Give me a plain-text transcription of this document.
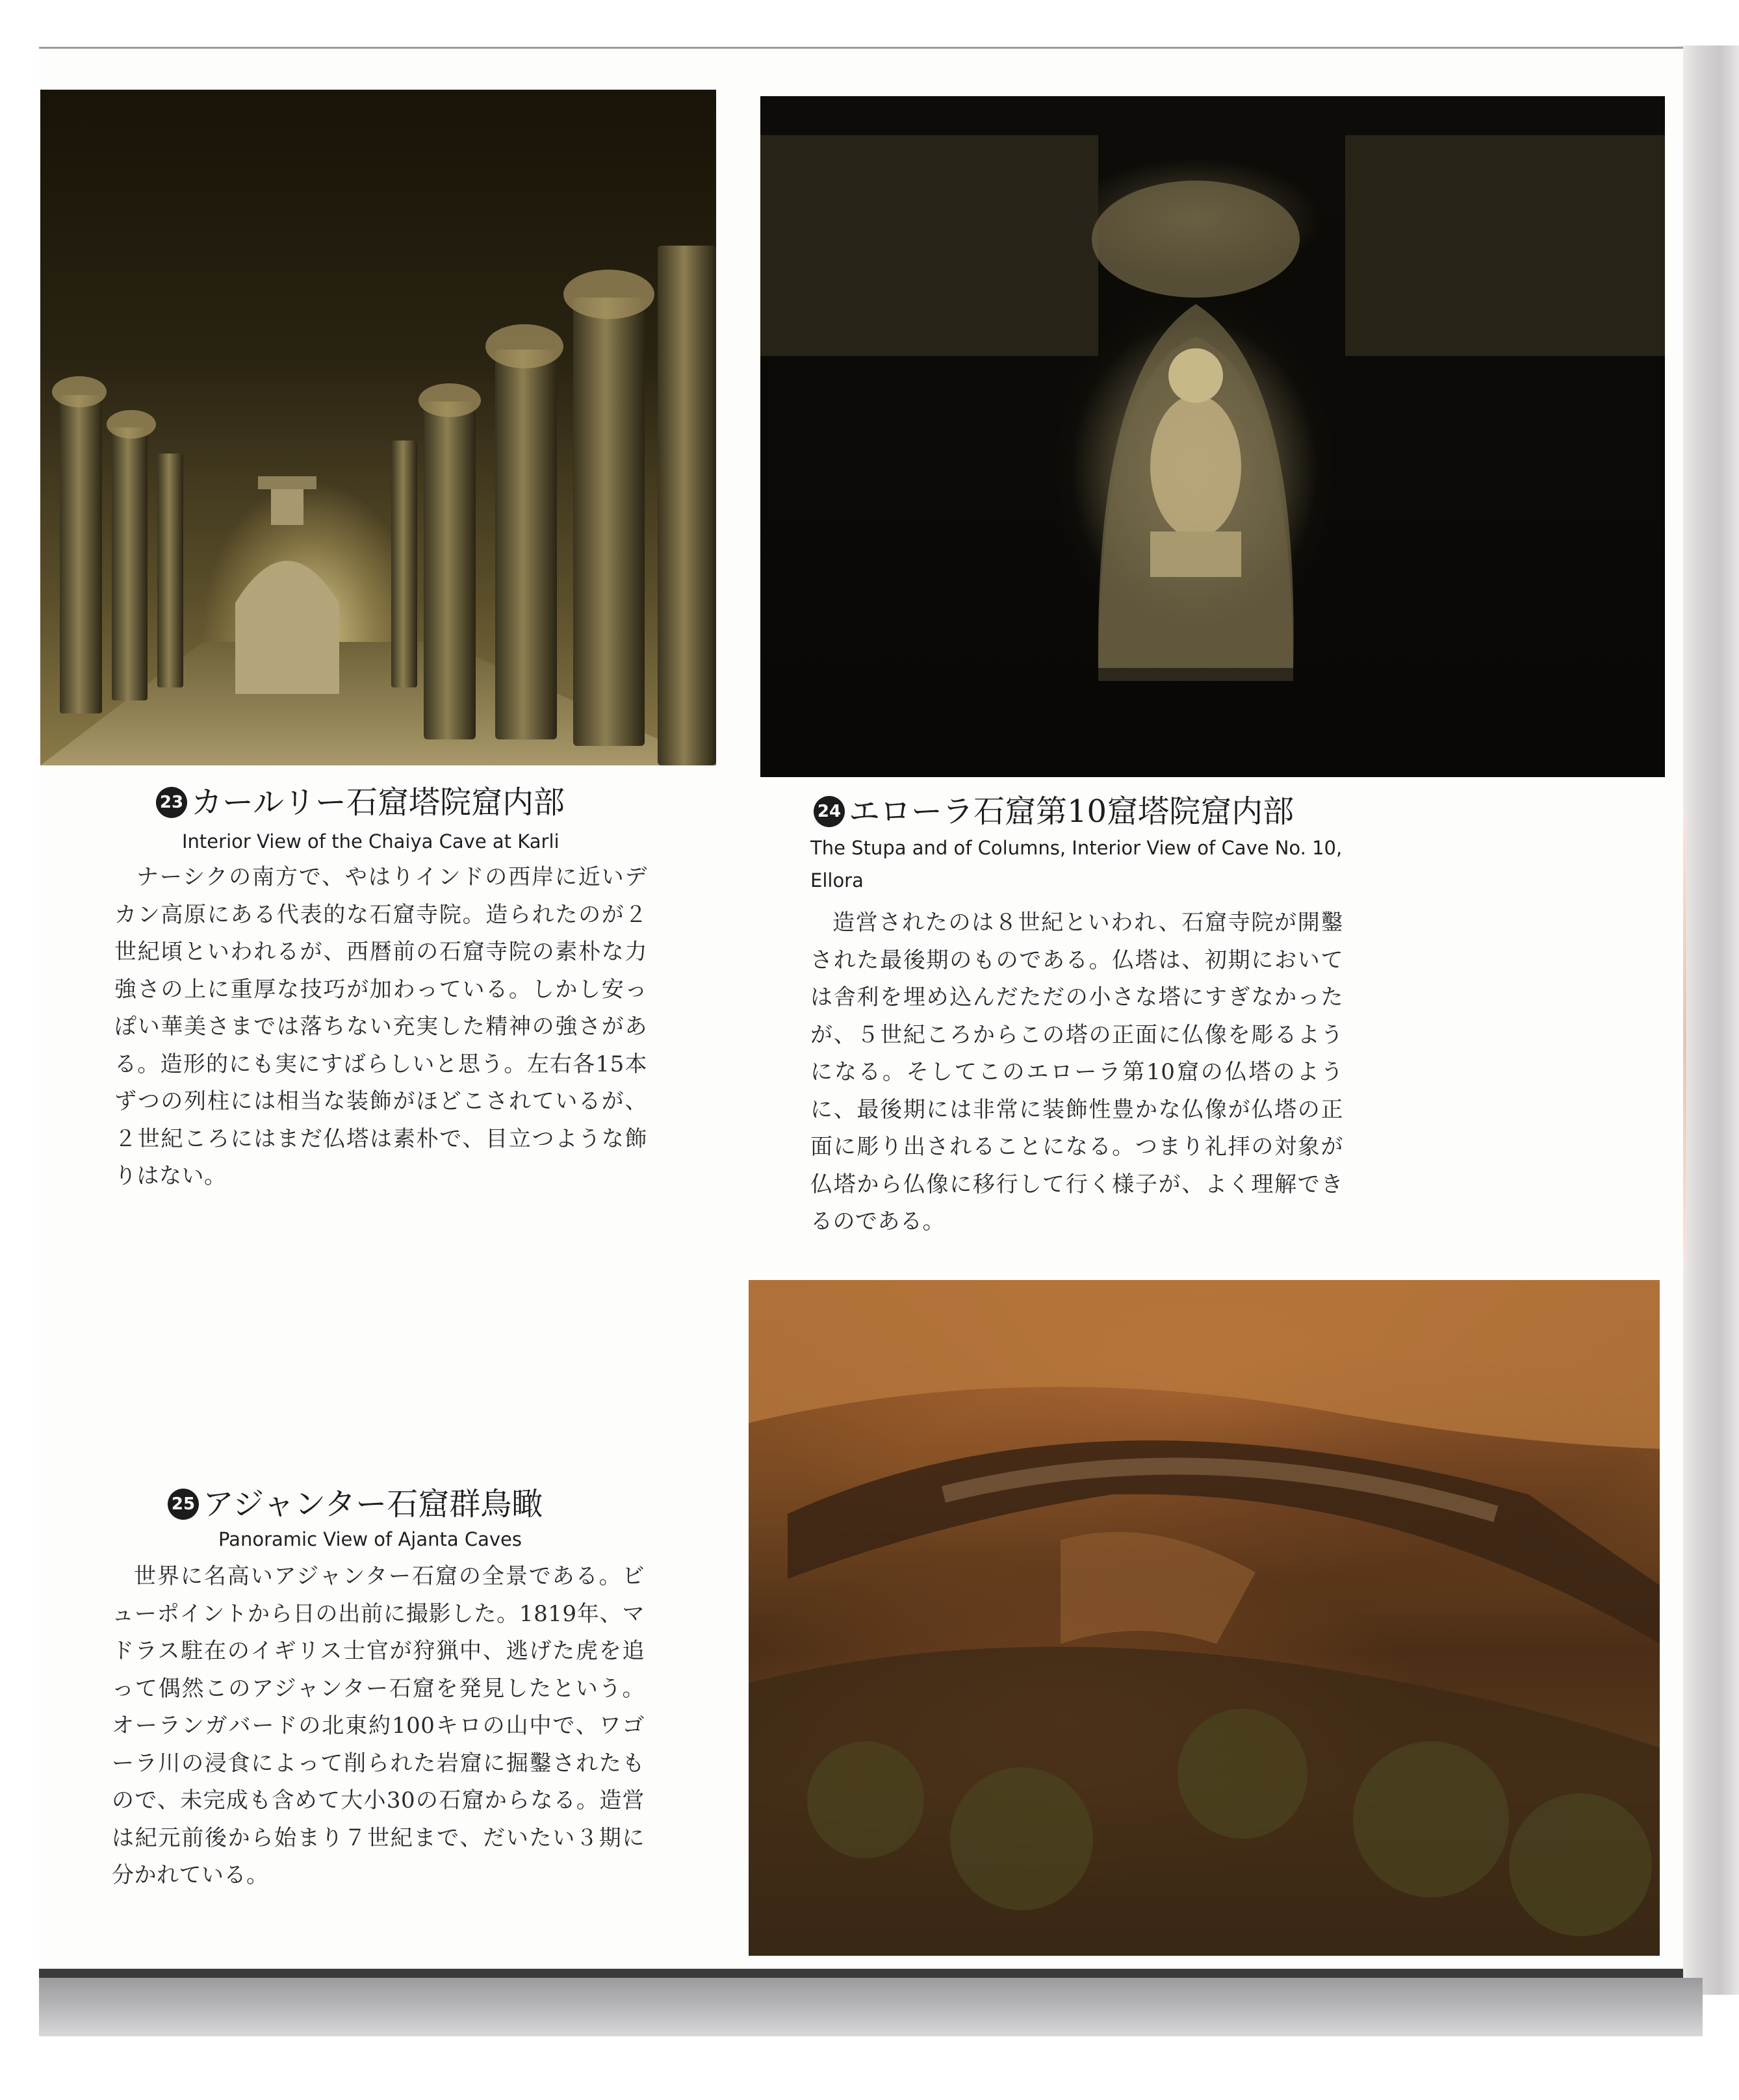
23 カールリー石窟塔院窟内部

Interior View of the Chaiya Cave at Karli

ナーシクの南方で、やはりインドの西岸に近いデカン高原にある代表的な石窟寺院。造られたのが２世紀頃といわれるが、西暦前の石窟寺院の素朴な力強さの上に重厚な技巧が加わっている。しかし安っぽい華美さまでは落ちない充実した精神の強さがある。造形的にも実にすばらしいと思う。左右各15本ずつの列柱には相当な装飾がほどこされているが、２世紀ころにはまだ仏塔は素朴で、目立つような飾りはない。

24 エローラ石窟第10窟塔院窟内部

The Stupa and of Columns, Interior View of Cave No. 10, Ellora

造営されたのは８世紀といわれ、石窟寺院が開鑿された最後期のものである。仏塔は、初期においては舎利を埋め込んだただの小さな塔にすぎなかったが、５世紀ころからこの塔の正面に仏像を彫るようになる。そしてこのエローラ第10窟の仏塔のように、最後期には非常に装飾性豊かな仏像が仏塔の正面に彫り出されることになる。つまり礼拝の対象が仏塔から仏像に移行して行く様子が、よく理解できるのである。

25 アジャンター石窟群鳥瞰

Panoramic View of Ajanta Caves

世界に名高いアジャンター石窟の全景である。ビューポイントから日の出前に撮影した。1819年、マドラス駐在のイギリス士官が狩猟中、逃げた虎を追って偶然このアジャンター石窟を発見したという。オーランガバードの北東約100キロの山中で、ワゴーラ川の浸食によって削られた岩窟に掘鑿されたもので、未完成も含めて大小30の石窟からなる。造営は紀元前後から始まり７世紀まで、だいたい３期に分かれている。
